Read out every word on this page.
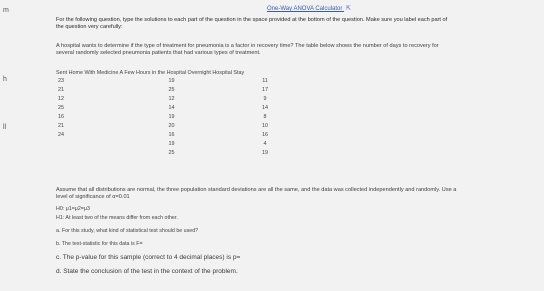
m
h
ll
One-Way ANOVA Calculator ⇱
For the following question, type the solutions to each part of the question in the space provided at the bottom of the question. Make sure you label each part of
the question very carefully:
A hospital wants to determine if the type of treatment for pneumonia is a factor in recovery time? The table below shows the number of days to recovery for
several randomly selected pneumonia patients that had various types of treatment.
Sent Home With Medicine A Few Hours in the Hospital Overnight Hospital Stay		
23	19	11
21	25	17
12	12	9
25	14	14
16	19	8
21	20	10
24	16	16
	19	4
	25	19
Assume that all distributions are normal, the three population standard deviations are all the same, and the data was collected independently and randomly. Use a
level of significance of α=0.01
H0: μ1=μ2=μ3
H1: At least two of the means differ from each other.
a. For this study, what kind of statistical test should be used?
b. The test-statistic for this data is F=
c. The p-value for this sample (correct to 4 decimal places) is p=
d. State the conclusion of the test in the context of the problem.
